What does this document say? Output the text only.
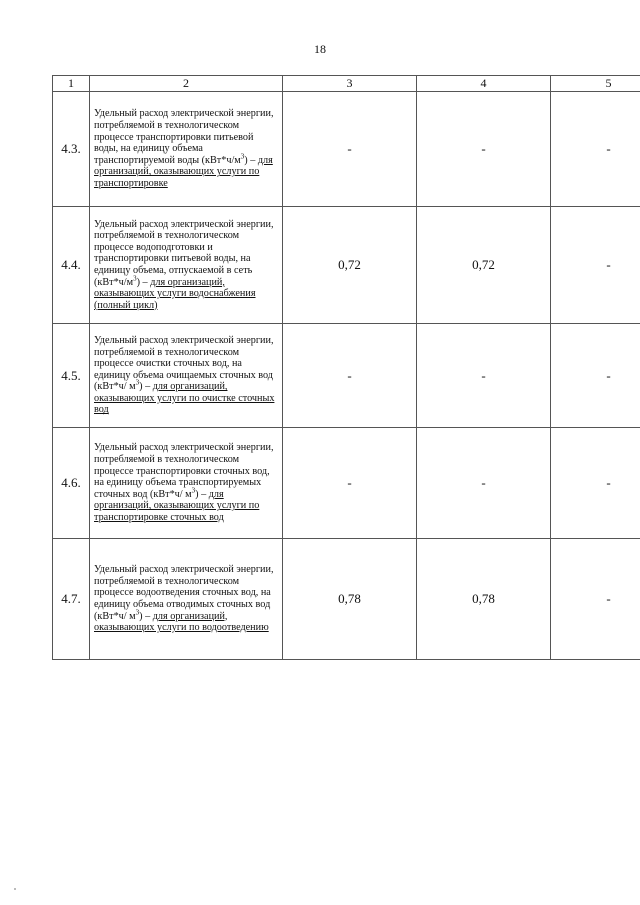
18
1	2	3	4	5
4.3.	Удельный расход электрической энергии, потребляемой в технологическом процессе транспортировки питьевой воды, на единицу объема транспортируемой воды $(кВт*ч/м^3)$ – для организаций, оказывающих услуги по транспортировке	-	-	-
4.4.	Удельный расход электрической энергии, потребляемой в технологическом процессе водоподготовки и транспортировки питьевой воды, на единицу объема, отпускаемой в сеть $(кВт*ч/м^3)$ – для организаций, оказывающих услуги водоснабжения (полный цикл)	0,72	0,72	-
4.5.	Удельный расход электрической энергии, потребляемой в технологическом процессе очистки сточных вод, на единицу объема очищаемых сточных вод (кВт*ч/ $м^3$) – для организаций, оказывающих услуги по очистке сточных вод	-	-	-
4.6.	Удельный расход электрической энергии, потребляемой в технологическом процессе транспортировки сточных вод, на единицу объема транспортируемых сточных вод (кВт*ч/ $м^3$) – для организаций, оказывающих услуги по транспортировке сточных вод	-	-	-
4.7.	Удельный расход электрической энергии, потребляемой в технологическом процессе водоотведения сточных вод, на единицу объема отводимых сточных вод (кВт*ч/ $м^3$) – для организаций, оказывающих услуги по водоотведению	0,78	0,78	-
